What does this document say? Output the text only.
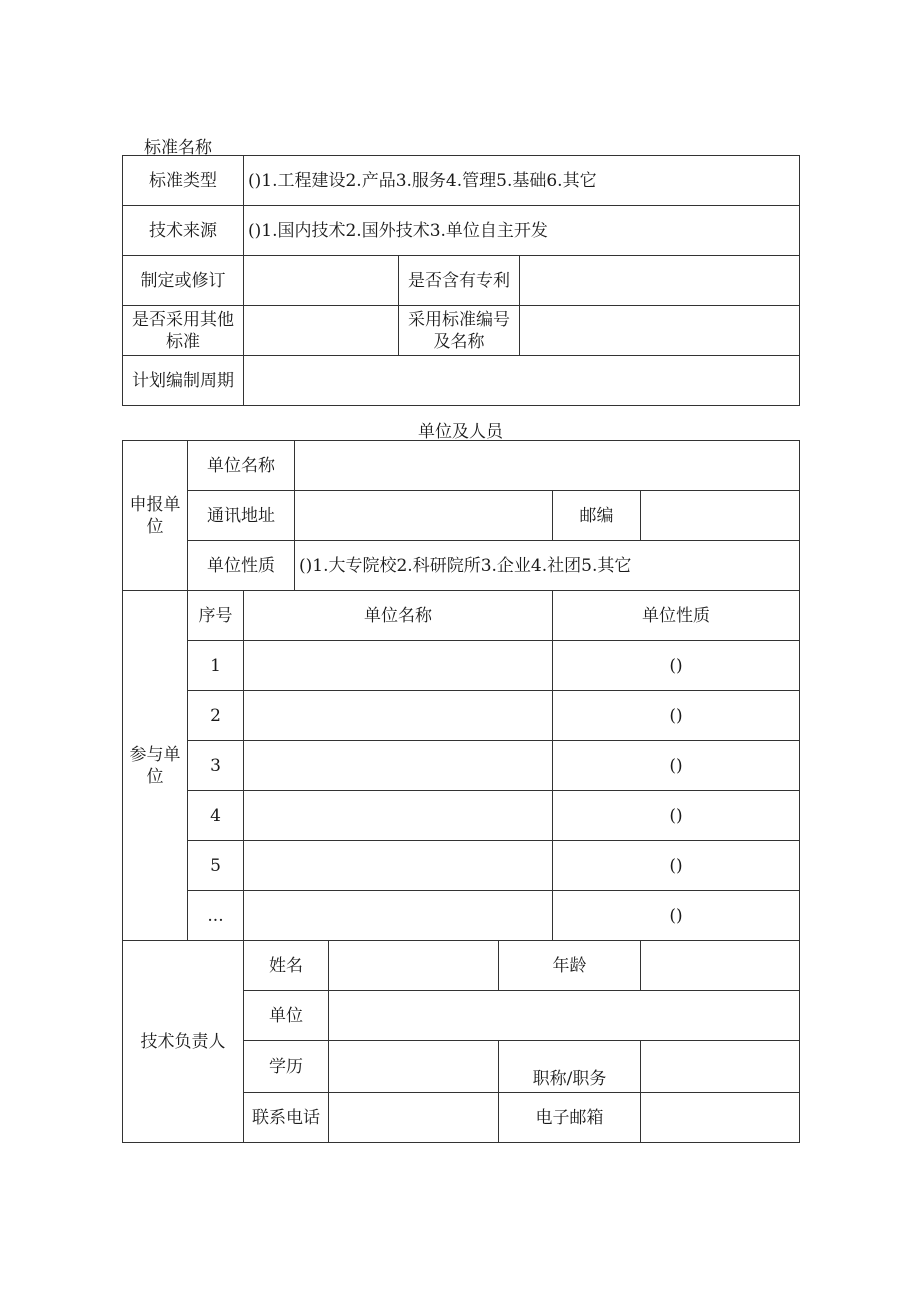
标准名称
标准类型	()1.工程建设2.产品3.服务4.管理5.基础6.其它		
技术来源	()1.国内技术2.国外技术3.单位自主开发		
制定或修订		是否含有专利	
是否采用其他标准		采用标准编号及名称	
计划编制周期			
单位及人员
申报单位	单位名称						
	通讯地址					邮编	
	单位性质		()1.大专院校2.科研院所3.企业4.社团5.其它				
参与单位	序号	单位名称				单位性质	
	1					()	
	2					()	
	3					()	
	4					()	
	5					()	
	...					()	
技术负责人		姓名			年龄		
		单位					
		学历			职称/职务		
		联系电话			电子邮箱		
